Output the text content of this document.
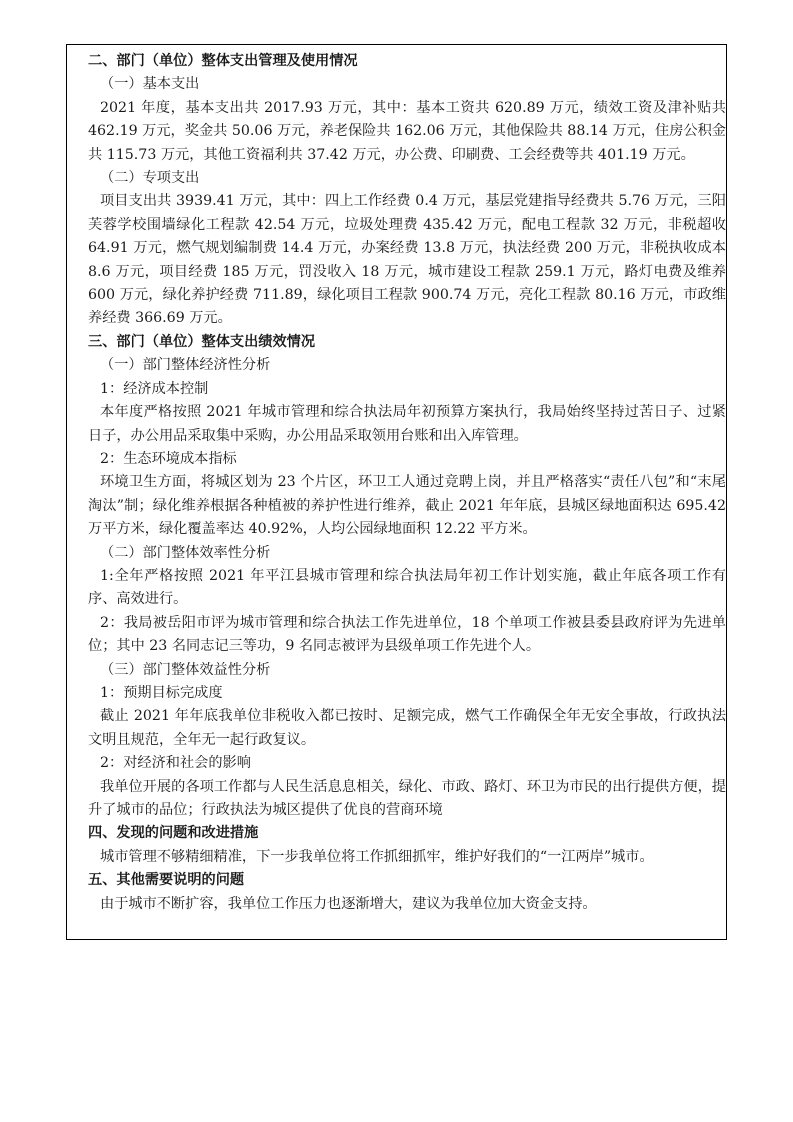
二、部门（单位）整体支出管理及使用情况

（一）基本支出

2021 年度，基本支出共 2017.93 万元，其中：基本工资共 620.89 万元，绩效工资及津补贴共 462.19 万元，奖金共 50.06 万元，养老保险共 162.06 万元，其他保险共 88.14 万元，住房公积金共 115.73 万元，其他工资福利共 37.42 万元，办公费、印刷费、工会经费等共 401.19 万元。

（二）专项支出

项目支出共 3939.41 万元，其中：四上工作经费 0.4 万元，基层党建指导经费共 5.76 万元，三阳芙蓉学校围墙绿化工程款 42.54 万元，垃圾处理费 435.42 万元，配电工程款 32 万元，非税超收 64.91 万元，燃气规划编制费 14.4 万元，办案经费 13.8 万元，执法经费 200 万元，非税执收成本 8.6 万元，项目经费 185 万元，罚没收入 18 万元，城市建设工程款 259.1 万元，路灯电费及维养 600 万元，绿化养护经费 711.89，绿化项目工程款 900.74 万元，亮化工程款 80.16 万元，市政维养经费 366.69 万元。

三、部门（单位）整体支出绩效情况

（一）部门整体经济性分析

1：经济成本控制

本年度严格按照 2021 年城市管理和综合执法局年初预算方案执行，我局始终坚持过苦日子、过紧日子，办公用品采取集中采购，办公用品采取领用台账和出入库管理。

2：生态环境成本指标

环境卫生方面，将城区划为 23 个片区，环卫工人通过竞聘上岗，并且严格落实“责任八包”和“末尾淘汰”制；绿化维养根据各种植被的养护性进行维养，截止 2021 年年底，县城区绿地面积达 695.42 万平方米，绿化覆盖率达 40.92%，人均公园绿地面积 12.22 平方米。

（二）部门整体效率性分析

1:全年严格按照 2021 年平江县城市管理和综合执法局年初工作计划实施，截止年底各项工作有序、高效进行。

2：我局被岳阳市评为城市管理和综合执法工作先进单位，18 个单项工作被县委县政府评为先进单位；其中 23 名同志记三等功，9 名同志被评为县级单项工作先进个人。

（三）部门整体效益性分析

1：预期目标完成度

截止 2021 年年底我单位非税收入都已按时、足额完成，燃气工作确保全年无安全事故，行政执法文明且规范，全年无一起行政复议。

2：对经济和社会的影响

我单位开展的各项工作都与人民生活息息相关，绿化、市政、路灯、环卫为市民的出行提供方便，提升了城市的品位；行政执法为城区提供了优良的营商环境

四、发现的问题和改进措施

城市管理不够精细精准，下一步我单位将工作抓细抓牢，维护好我们的“一江两岸”城市。

五、其他需要说明的问题

由于城市不断扩容，我单位工作压力也逐渐增大，建议为我单位加大资金支持。
